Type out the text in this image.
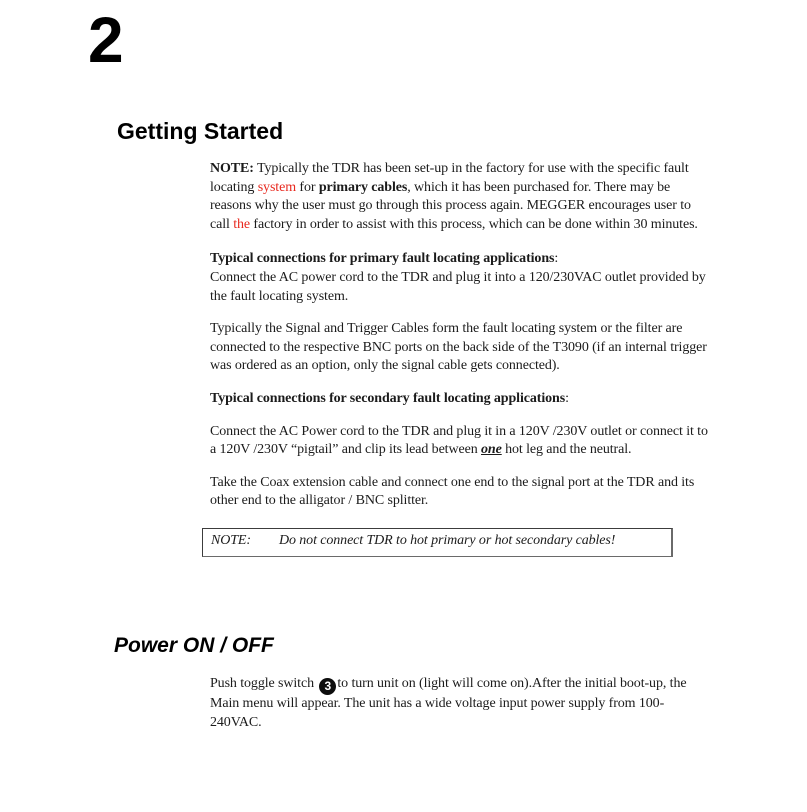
2
Getting Started

NOTE: Typically the TDR has been set-up in the factory for use with the specific fault locating system for primary cables, which it has been purchased for. There may be reasons why the user must go through this process again. MEGGER encourages user to call the factory in order to assist with this process, which can be done within 30 minutes.

Typical connections for primary fault locating applications:

Connect the AC power cord to the TDR and plug it into a 120/230VAC outlet provided by the fault locating system.

Typically the Signal and Trigger Cables form the fault locating system or the filter are connected to the respective BNC ports on the back side of the T3090 (if an internal trigger was ordered as an option, only the signal cable gets connected).

Typical connections for secondary fault locating applications:

Connect the AC Power cord to the TDR and plug it in a 120V /230V outlet or connect it to a 120V /230V “pigtail” and clip its lead between one hot leg and the neutral.

Take the Coax extension cable and connect one end to the signal port at the TDR and its other end to the alligator / BNC splitter.

NOTE: Do not connect TDR to hot primary or hot secondary cables!
Power ON / OFF

Push toggle switch 3 to turn unit on (light will come on).After the initial boot-up, the Main menu will appear. The unit has a wide voltage input power supply from 100-240VAC.
